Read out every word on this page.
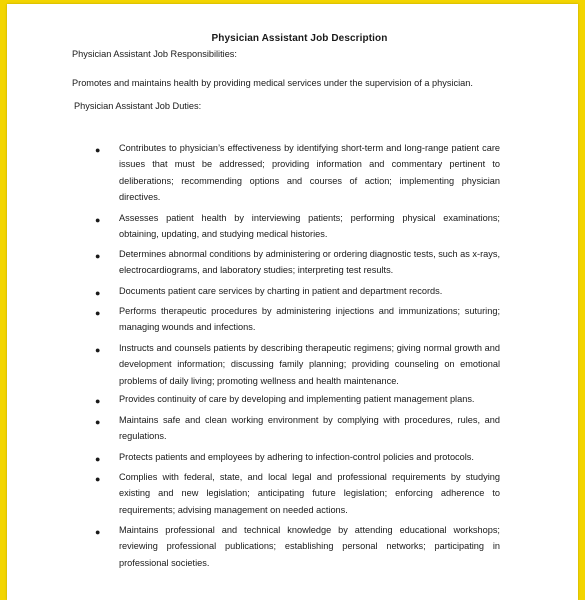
Physician Assistant Job Description
Physician Assistant Job Responsibilities:
Promotes and maintains health by providing medical services under the supervision of a physician.
Physician Assistant Job Duties:
● Contributes to physician’s effectiveness by identifying short-term and long-range patient care issues that must be addressed; providing information and commentary pertinent to deliberations; recommending options and courses of action; implementing physician directives.
● Assesses patient health by interviewing patients; performing physical examinations; obtaining, updating, and studying medical histories.
● Determines abnormal conditions by administering or ordering diagnostic tests, such as x-rays, electrocardiograms, and laboratory studies; interpreting test results.
● Documents patient care services by charting in patient and department records.
● Performs therapeutic procedures by administering injections and immunizations; suturing; managing wounds and infections.
● Instructs and counsels patients by describing therapeutic regimens; giving normal growth and development information; discussing family planning; providing counseling on emotional problems of daily living; promoting wellness and health maintenance.
● Provides continuity of care by developing and implementing patient management plans.
● Maintains safe and clean working environment by complying with procedures, rules, and regulations.
● Protects patients and employees by adhering to infection-control policies and protocols.
● Complies with federal, state, and local legal and professional requirements by studying existing and new legislation; anticipating future legislation; enforcing adherence to requirements; advising management on needed actions.
● Maintains professional and technical knowledge by attending educational workshops; reviewing professional publications; establishing personal networks; participating in professional societies.
